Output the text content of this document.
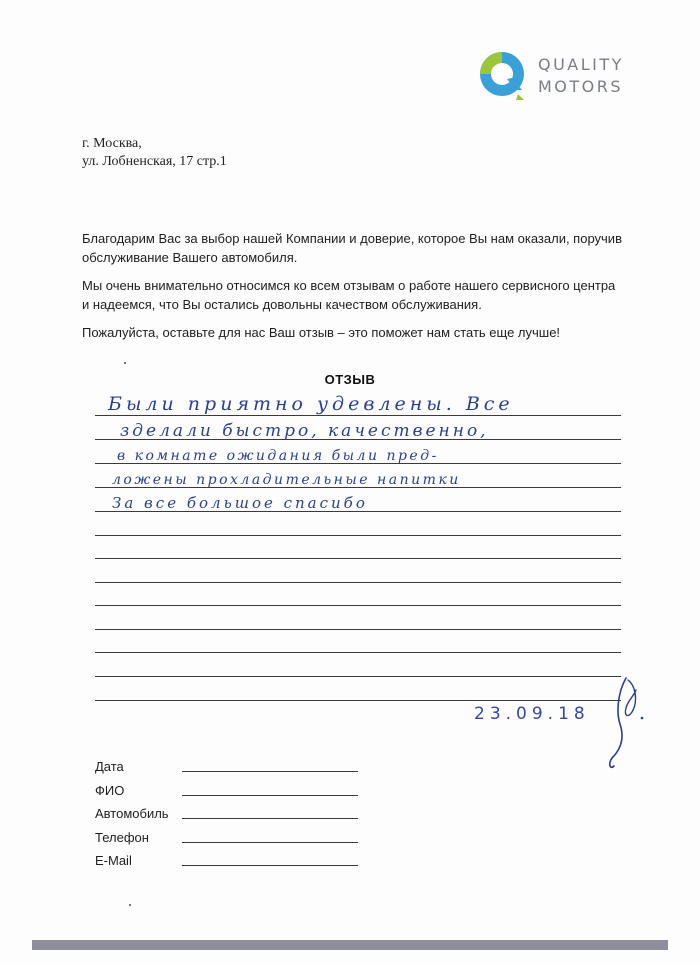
QUALITY
MOTORS
г. Москва,
ул. Лобненская, 17 стр.1
Благодарим Вас за выбор нашей Компании и доверие, которое Вы нам оказали, поручив обслуживание Вашего автомобиля.
Мы очень внимательно относимся ко всем отзывам о работе нашего сервисного центра и надеемся, что Вы остались довольны качеством обслуживания.
Пожалуйста, оставьте для нас Ваш отзыв – это поможет нам стать еще лучше!
ОТЗЫВ
Были приятно удевлены. Все
зделали быстро, качественно,
в комнате ожидания были пред-
ложены прохладительные напитки
За все большое спасибо
23.09.18
Дата
ФИО
Автомобиль
Телефон
E-Mail
